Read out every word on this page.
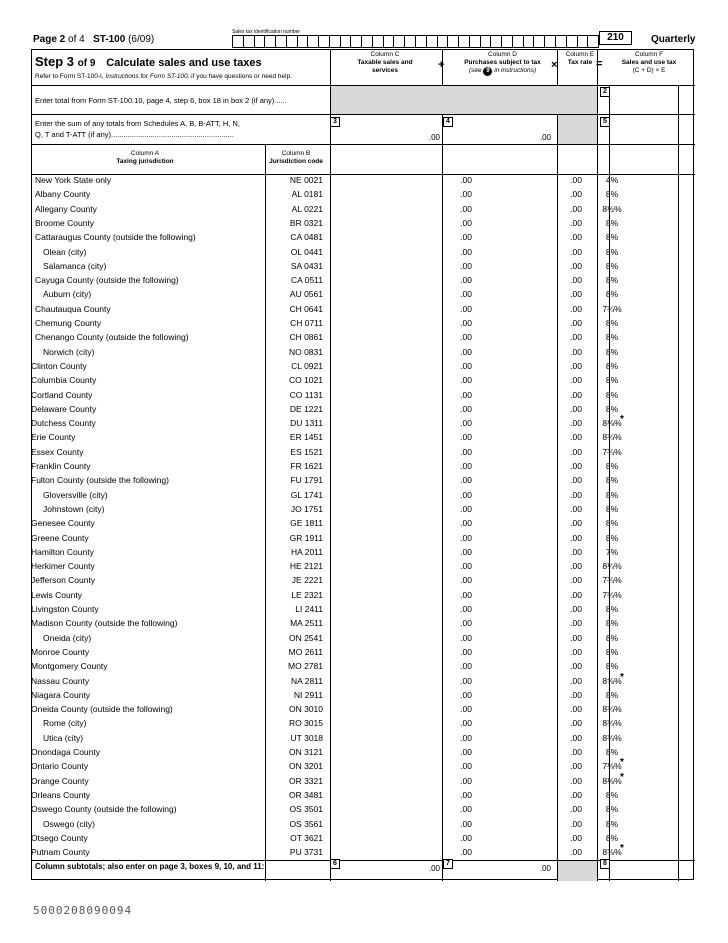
Page 2 of 4 ST-100 (6/09)
Sales tax identification number	210	Quarterly
Step 3 of 9 Calculate sales and use taxes
Refer to Form ST-100-I, Instructions for Form ST-100, if you have questions or need help.
Column C
Taxable sales and services	+
Column D
Purchases subject to tax
(see 9 in instructions)	×
Column E
Tax rate =
Column F
Sales and use tax
(C + D) × E
Enter total from Form ST-100.10, page 4, step 6, box 18 in box 2 (if any)......
2
Enter the sum of any totals from Schedules A, B, B-ATT, H, N,
Q, T and T-ATT (if any)...........................................................
3
.00
4
.00
5
Column A
Taxing jurisdiction
Column B
Jurisdiction code
New York State only	NE 0021	.00	.00	4%
Albany County	AL 0181	.00	.00	8%
Allegany County	AL 0221	.00	.00	8½%
Broome County	BR 0321	.00	.00	8%
Cattaraugus County (outside the following)	CA 0481	.00	.00	8%
Olean (city)	OL 0441	.00	.00	8%
Salamanca (city)	SA 0431	.00	.00	8%
Cayuga County (outside the following)	CA 0511	.00	.00	8%
Auburn (city)	AU 0561	.00	.00	8%
Chautauqua County	CH 0641	.00	.00	7¾%
Chemung County	CH 0711	.00	.00	8%
Chenango County (outside the following)	CH 0861	.00	.00	8%
Norwich (city)	NO 0831	.00	.00	8%
Clinton County	CL 0921	.00	.00	8%
Columbia County	CO 1021	.00	.00	8%
Cortland County	CO 1131	.00	.00	8%
Delaware County	DE 1221	.00	.00	8%
Dutchess County	DU 1311	.00	.00	8⅛%
*
Erie County	ER 1451	.00	.00	8¾%
Essex County	ES 1521	.00	.00	7¾%
Franklin County	FR 1621	.00	.00	8%
Fulton County (outside the following)	FU 1791	.00	.00	8%
Gloversville (city)	GL 1741	.00	.00	8%
Johnstown (city)	JO 1751	.00	.00	8%
Genesee County	GE 1811	.00	.00	8%
Greene County	GR 1911	.00	.00	8%
Hamilton County	HA 2011	.00	.00	7%
Herkimer County	HE 2121	.00	.00	8¼%
Jefferson County	JE 2221	.00	.00	7¾%
Lewis County	LE 2321	.00	.00	7¾%
Livingston County	LI 2411	.00	.00	8%
Madison County (outside the following)	MA 2511	.00	.00	8%
Oneida (city)	ON 2541	.00	.00	8%
Monroe County	MO 2611	.00	.00	8%
Montgomery County	MO 2781	.00	.00	8%
Nassau County	NA 2811	.00	.00	8⅝%
*
Niagara County	NI 2911	.00	.00	8%
Oneida County (outside the following)	ON 3010	.00	.00	8¾%
Rome (city)	RO 3015	.00	.00	8¾%
Utica (city)	UT 3018	.00	.00	8¾%
Onondaga County	ON 3121	.00	.00	8%
Ontario County	ON 3201	.00	.00	7⅛%
*
Orange County	OR 3321	.00	.00	8⅛%
*
Orleans County	OR 3481	.00	.00	8%
Oswego County (outside the following)	OS 3501	.00	.00	8%
Oswego (city)	OS 3561	.00	.00	8%
Otsego County	OT 3621	.00	.00	8%
Putnam County	PU 3731	.00	.00	8⅜%
*
Column subtotals; also enter on page 3, boxes 9, 10, and 11:	6
.00
7
.00
8
5000208090094
